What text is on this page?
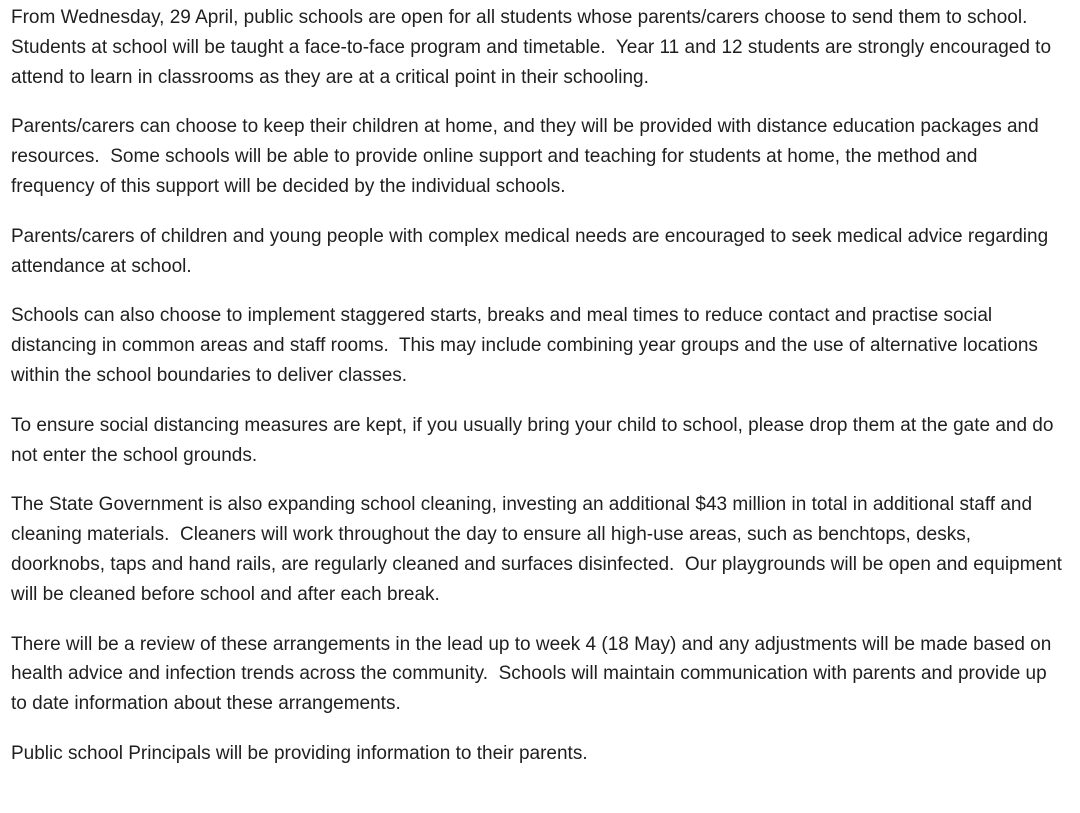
From Wednesday, 29 April, public schools are open for all students whose parents/carers choose to send them to school.  Students at school will be taught a face-to-face program and timetable.  Year 11 and 12 students are strongly encouraged to attend to learn in classrooms as they are at a critical point in their schooling.

Parents/carers can choose to keep their children at home, and they will be provided with distance education packages and resources.  Some schools will be able to provide online support and teaching for students at home, the method and frequency of this support will be decided by the individual schools.

Parents/carers of children and young people with complex medical needs are encouraged to seek medical advice regarding attendance at school.

Schools can also choose to implement staggered starts, breaks and meal times to reduce contact and practise social distancing in common areas and staff rooms.  This may include combining year groups and the use of alternative locations within the school boundaries to deliver classes.

To ensure social distancing measures are kept, if you usually bring your child to school, please drop them at the gate and do not enter the school grounds.

The State Government is also expanding school cleaning, investing an additional $43 million in total in additional staff and cleaning materials.  Cleaners will work throughout the day to ensure all high-use areas, such as benchtops, desks, doorknobs, taps and hand rails, are regularly cleaned and surfaces disinfected.  Our playgrounds will be open and equipment will be cleaned before school and after each break.

There will be a review of these arrangements in the lead up to week 4 (18 May) and any adjustments will be made based on health advice and infection trends across the community.  Schools will maintain communication with parents and provide up to date information about these arrangements.

Public school Principals will be providing information to their parents.
